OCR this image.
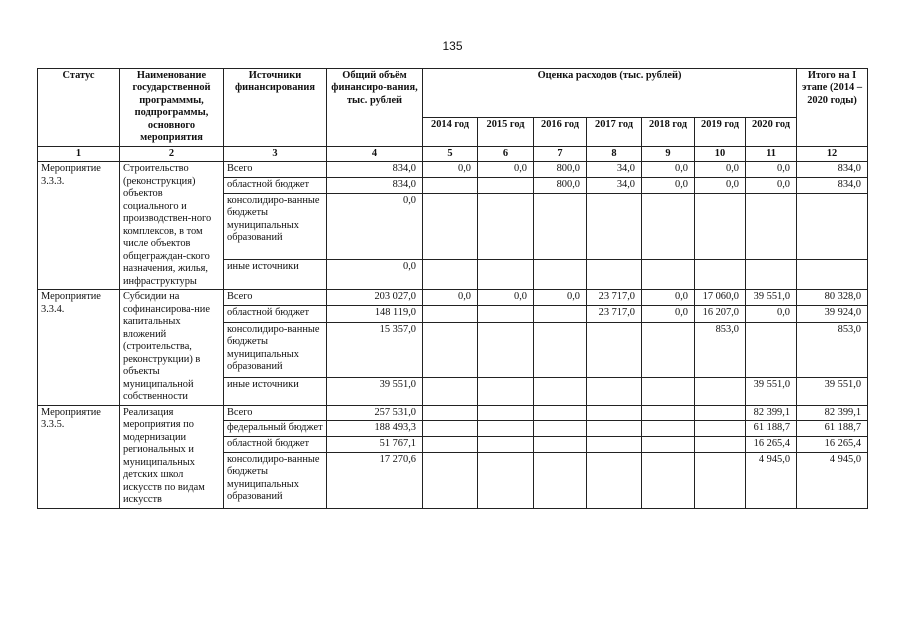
135
Статус	Наименование государственной программмы, подпрограммы, основного мероприятия	Источники финансирования	Общий объём финансиро-вания, тыс. рублей	Оценка расходов (тыс. рублей)							Итого на I этапе (2014 – 2020 годы)
				2014 год	2015 год	2016 год	2017 год	2018 год	2019 год	2020 год	
1	2	3	4	5	6	7	8	9	10	11	12
Мероприятие 3.3.3.	Строительство (реконструкция) объектов социального и производствен-ного комплексов, в том числе объектов общеграждан-ского назначения, жилья, инфраструктуры	Всего	834,0	0,0	0,0	800,0	34,0	0,0	0,0	0,0	834,0
		областной бюджет	834,0			800,0	34,0	0,0	0,0	0,0	834,0
		консолидиро-ванные бюджеты муниципальных образований	0,0								
		иные источники	0,0								
Мероприятие 3.3.4.	Субсидии на софинансирова-ние капитальных вложений (строительства, реконструкции) в объекты муниципальной собственности	Всего	203 027,0	0,0	0,0	0,0	23 717,0	0,0	17 060,0	39 551,0	80 328,0
		областной бюджет	148 119,0				23 717,0	0,0	16 207,0	0,0	39 924,0
		консолидиро-ванные бюджеты муниципальных образований	15 357,0						853,0		853,0
		иные источники	39 551,0							39 551,0	39 551,0
Мероприятие 3.3.5.	Реализация мероприятия по модернизации региональных и муниципальных детских школ искусств по видам искусств	Всего	257 531,0							82 399,1	82 399,1
		федеральный бюджет	188 493,3							61 188,7	61 188,7
		областной бюджет	51 767,1							16 265,4	16 265,4
		консолидиро-ванные бюджеты муниципальных образований	17 270,6							4 945,0	4 945,0
